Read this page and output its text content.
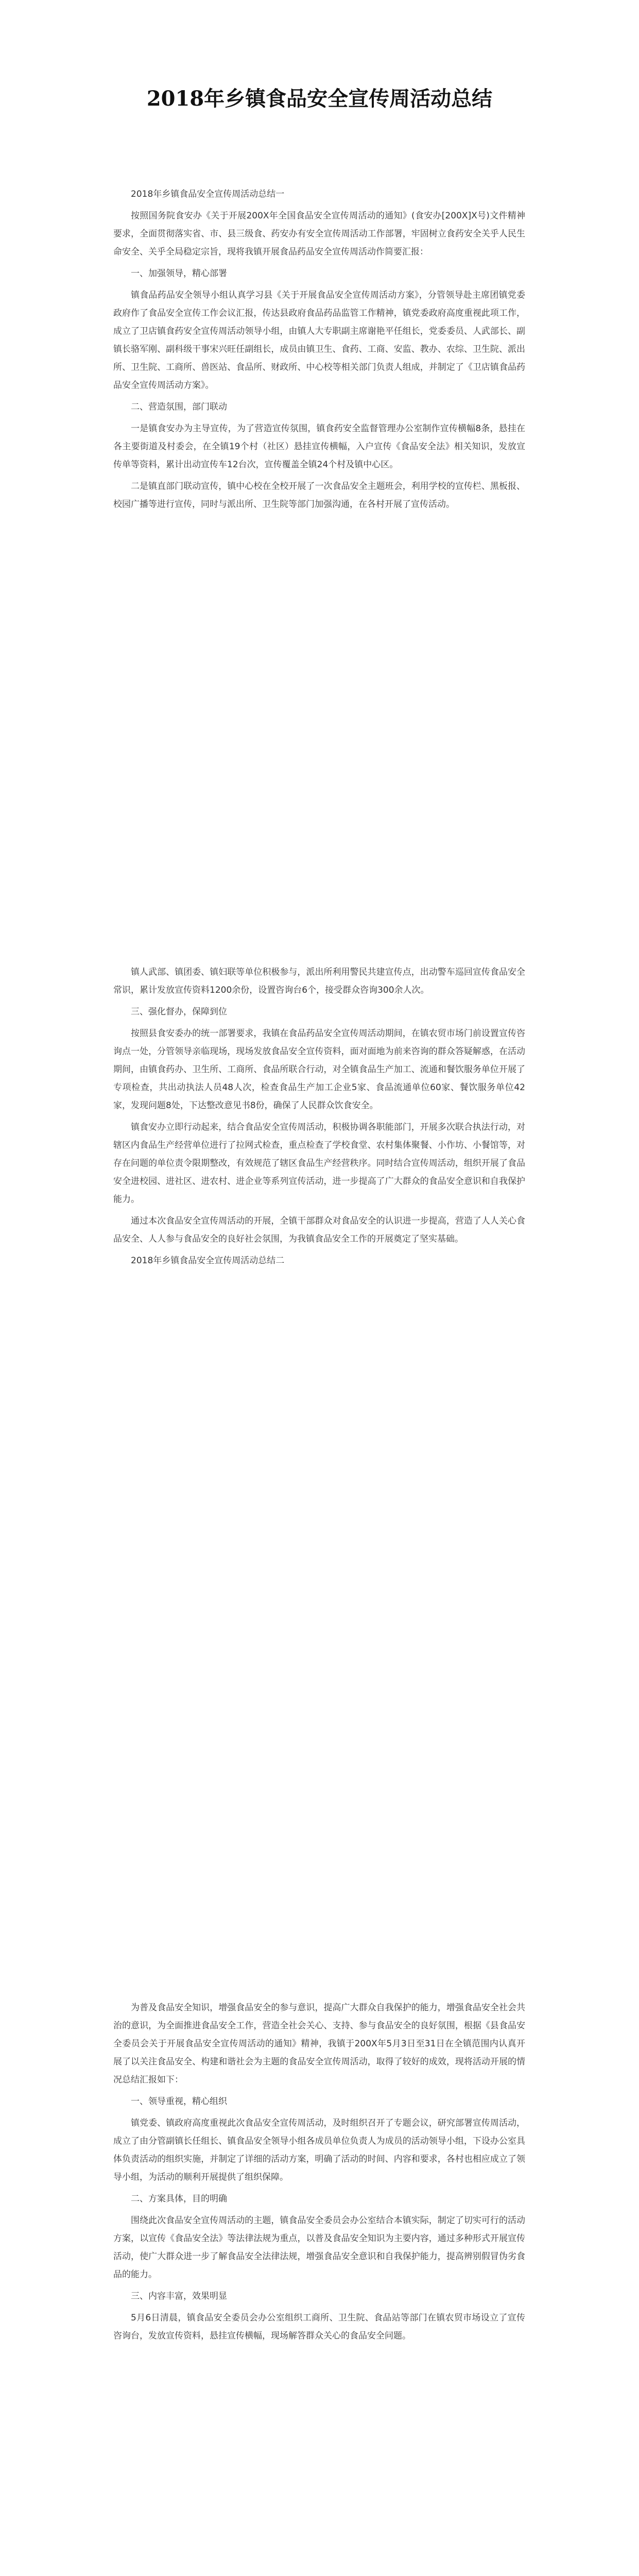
2018年乡镇食品安全宣传周活动总结

2018年乡镇食品安全宣传周活动总结一

按照国务院食安办《关于开展200X年全国食品安全宣传周活动的通知》(食安办[200X]X号)文件精神要求，全面贯彻落实省、市、县三级食、药安办有安全宣传周活动工作部署，牢固树立食药安全关乎人民生命安全、关乎全局稳定宗旨，现将我镇开展食品药品安全宣传周活动作简要汇报：

一、加强领导，精心部署

镇食品药品安全领导小组认真学习县《关于开展食品安全宣传周活动方案》，分管领导赴主席团镇党委政府作了食品安全宣传工作会议汇报，传达县政府食品药品监管工作精神，镇党委政府高度重视此项工作，成立了卫店镇食药安全宣传周活动领导小组，由镇人大专职副主席谢艳平任组长，党委委员、人武部长、副镇长骆军刚、副科级干事宋兴旺任副组长，成员由镇卫生、食药、工商、安监、教办、农综、卫生院、派出所、卫生院、工商所、兽医站、食品所、财政所、中心校等相关部门负责人组成，并制定了《卫店镇食品药品安全宣传周活动方案》。

二、营造氛围，部门联动

一是镇食安办为主导宣传，为了营造宣传氛围，镇食药安全监督管理办公室制作宣传横幅8条，悬挂在各主要街道及村委会，在全镇19个村（社区）悬挂宣传横幅，入户宣传《食品安全法》相关知识，发放宣传单等资料，累计出动宣传车12台次，宣传覆盖全镇24个村及镇中心区。

二是镇直部门联动宣传，镇中心校在全校开展了一次食品安全主题班会，利用学校的宣传栏、黑板报、校园广播等进行宣传，同时与派出所、卫生院等部门加强沟通，在各村开展了宣传活动。

镇人武部、镇团委、镇妇联等单位积极参与，派出所利用警民共建宣传点，出动警车巡回宣传食品安全常识，累计发放宣传资料1200余份，设置咨询台6个，接受群众咨询300余人次。

三、强化督办，保障到位

按照县食安委办的统一部署要求，我镇在食品药品安全宣传周活动期间，在镇农贸市场门前设置宣传咨询点一处，分管领导亲临现场，现场发放食品安全宣传资料，面对面地为前来咨询的群众答疑解惑，在活动期间，由镇食药办、卫生所、工商所、食品所联合行动，对全镇食品生产加工、流通和餐饮服务单位开展了专项检查，共出动执法人员48人次，检查食品生产加工企业5家、食品流通单位60家、餐饮服务单位42家，发现问题8处，下达整改意见书8份，确保了人民群众饮食安全。

镇食安办立即行动起来，结合食品安全宣传周活动，积极协调各职能部门，开展多次联合执法行动，对辖区内食品生产经营单位进行了拉网式检查，重点检查了学校食堂、农村集体聚餐、小作坊、小餐馆等，对存在问题的单位责令限期整改，有效规范了辖区食品生产经营秩序。同时结合宣传周活动，组织开展了食品安全进校园、进社区、进农村、进企业等系列宣传活动，进一步提高了广大群众的食品安全意识和自我保护能力。

通过本次食品安全宣传周活动的开展，全镇干部群众对食品安全的认识进一步提高，营造了人人关心食品安全、人人参与食品安全的良好社会氛围，为我镇食品安全工作的开展奠定了坚实基础。

2018年乡镇食品安全宣传周活动总结二

为普及食品安全知识，增强食品安全的参与意识，提高广大群众自我保护的能力，增强食品安全社会共治的意识，为全面推进食品安全工作，营造全社会关心、支持、参与食品安全的良好氛围，根据《县食品安全委员会关于开展食品安全宣传周活动的通知》精神，我镇于200X年5月3日至31日在全镇范围内认真开展了以关注食品安全、构建和谐社会为主题的食品安全宣传周活动，取得了较好的成效，现将活动开展的情况总结汇报如下：

一、领导重视，精心组织

镇党委、镇政府高度重视此次食品安全宣传周活动，及时组织召开了专题会议，研究部署宣传周活动，成立了由分管副镇长任组长、镇食品安全领导小组各成员单位负责人为成员的活动领导小组，下设办公室具体负责活动的组织实施，并制定了详细的活动方案，明确了活动的时间、内容和要求，各村也相应成立了领导小组，为活动的顺利开展提供了组织保障。

二、方案具体，目的明确

围绕此次食品安全宣传周活动的主题，镇食品安全委员会办公室结合本镇实际，制定了切实可行的活动方案，以宣传《食品安全法》等法律法规为重点，以普及食品安全知识为主要内容，通过多种形式开展宣传活动，使广大群众进一步了解食品安全法律法规，增强食品安全意识和自我保护能力，提高辨别假冒伪劣食品的能力。

三、内容丰富，效果明显

5月6日清晨，镇食品安全委员会办公室组织工商所、卫生院、食品站等部门在镇农贸市场设立了宣传咨询台，发放宣传资料，悬挂宣传横幅，现场解答群众关心的食品安全问题。
